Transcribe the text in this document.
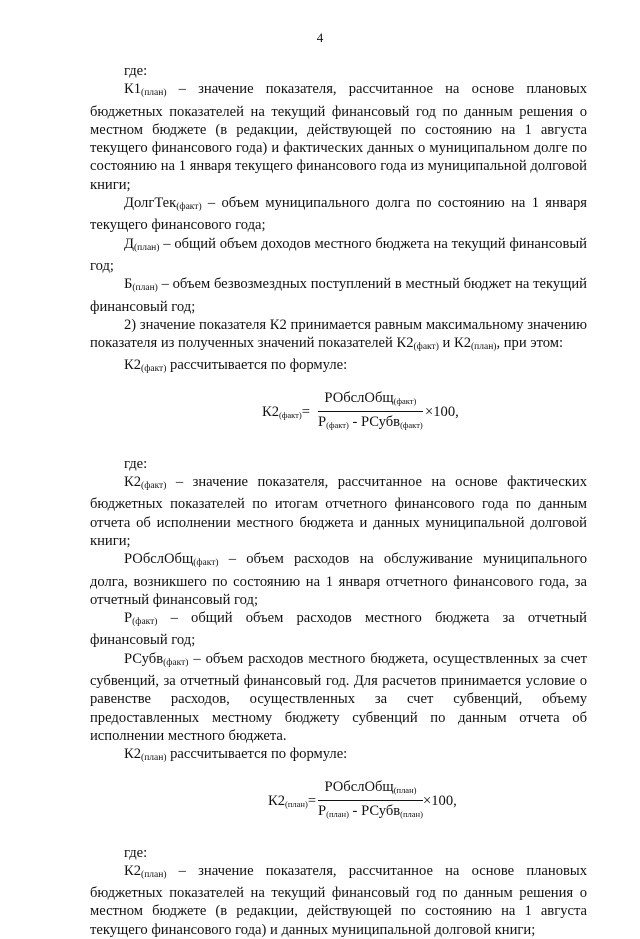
4

где:

$К1_{(план)}$ – значение показателя, рассчитанное на основе плановых бюджетных показателей на текущий финансовый год по данным решения о местном бюджете (в редакции, действующей по состоянию на 1 августа текущего финансового года) и фактических данных о муниципальном долге по состоянию на 1 января текущего финансового года из муниципальной долговой книги;

ДолгТек$_{(факт)}$ – объем муниципального долга по состоянию на 1 января текущего финансового года;

$Д_{(план)}$ – общий объем доходов местного бюджета на текущий финансовый год;

$Б_{(план)}$ – объем безвозмездных поступлений в местный бюджет на текущий финансовый год;

2) значение показателя К2 принимается равным максимальному значению показателя из полученных значений показателей $К2_{(факт)}$ и $К2_{(план)}$, при этом:

$К2_{(факт)}$ рассчитывается по формуле:

К2(факт)=
РОбслОбщ(факт)
Р(факт) - РСубв(факт)
×100,

где:

$К2_{(факт)}$ – значение показателя, рассчитанное на основе фактических бюджетных показателей по итогам отчетного финансового года по данным отчета об исполнении местного бюджета и данных муниципальной долговой книги;

РОбслОбщ$_{(факт)}$ – объем расходов на обслуживание муниципального долга, возникшего по состоянию на 1 января отчетного финансового года, за отчетный финансовый год;

$Р_{(факт)}$ – общий объем расходов местного бюджета за отчетный финансовый год;

РСубв$_{(факт)}$ – объем расходов местного бюджета, осуществленных за счет субвенций, за отчетный финансовый год. Для расчетов принимается условие о равенстве расходов, осуществленных за счет субвенций, объему предоставленных местному бюджету субвенций по данным отчета об исполнении местного бюджета.

$К2_{(план)}$ рассчитывается по формуле:

К2(план)=
РОбслОбщ(план)
Р(план) - РСубв(план)
×100,

где:

$К2_{(план)}$ – значение показателя, рассчитанное на основе плановых бюджетных показателей на текущий финансовый год по данным решения о местном бюджете (в редакции, действующей по состоянию на 1 августа текущего финансового года) и данных муниципальной долговой книги;
